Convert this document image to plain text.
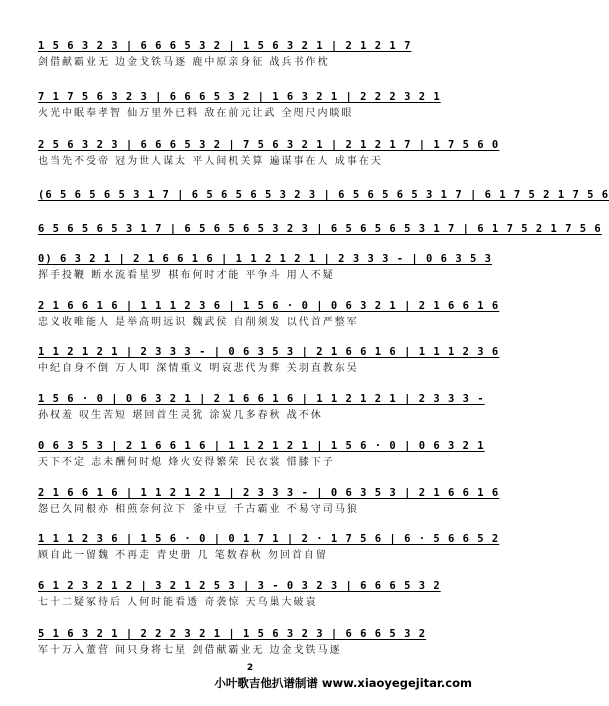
1 5 6 3 2 3 | 6 6 6 5 3 2 | 1 5 6 3 2 1 | 2 1 2 1 7
剑借献霸业无 边金戈铁马逐 鹿中原亲身征 战兵书作枕
7 1 7 5 6 3 2 3 | 6 6 6 5 3 2 | 1 6 3 2 1 | 2 2 2 3 2 1
火光中眠奉孝智 仙万里外已料 敌在前元让武 全咫尺内睒眼
2 5 6 3 2 3 | 6 6 6 5 3 2 | 7 5 6 3 2 1 | 2 1 2 1 7 | 1 7 5 6 0
也当先不受帝 冠为世人谋太 平人间机关算 遍谋事在人 成事在天
(6 5 6 5 6 5 3 1 7 | 6 5 6 5 6 5 3 2 3 | 6 5 6 5 6 5 3 1 7 | 6 1 7 5 2 1 7 5 6
6 5 6 5 6 5 3 1 7 | 6 5 6 5 6 5 3 2 3 | 6 5 6 5 6 5 3 1 7 | 6 1 7 5 2 1 7 5 6
0) 6 3 2 1 | 2 1 6 6 1 6 | 1 1 2 1 2 1 | 2 3 3 3 - | 0 6 3 5 3
挥手投鞭 断水流看星罗 棋布何时才能 平争斗 用人不疑
2 1 6 6 1 6 | 1 1 1 2 3 6 | 1 5 6 · 0 | 0 6 3 2 1 | 2 1 6 6 1 6
忠义收唯能人 是举高明远识 魏武侯 自削须发 以代首严整军
1 1 2 1 2 1 | 2 3 3 3 - | 0 6 3 5 3 | 2 1 6 6 1 6 | 1 1 1 2 3 6
中纪自身不倒 万人叩 深情重义 明哀悲代为葬 关羽直教东吴
1 5 6 · 0 | 0 6 3 2 1 | 2 1 6 6 1 6 | 1 1 2 1 2 1 | 2 3 3 3 -
孙权羞 叹生苦短 堪回首生灵犹 涂炭几多春秋 战不休
0 6 3 5 3 | 2 1 6 6 1 6 | 1 1 2 1 2 1 | 1 5 6 · 0 | 0 6 3 2 1
天下不定 志未酬何时熄 烽火安得繁荣 民衣裳 惜膝下子
2 1 6 6 1 6 | 1 1 2 1 2 1 | 2 3 3 3 - | 0 6 3 5 3 | 2 1 6 6 1 6
怨已久同根亦 相煎奈何泣下 釜中豆 千古霸业 不易守司马狼
1 1 1 2 3 6 | 1 5 6 · 0 | 0 1 7 1 | 2 · 1 7 5 6 | 6 · 5 6 6 5 2
顾自此一留魏 不再走 青史册 几 笔数春秋 勿回首自留
6 1 2 3 2 1 2 | 3 2 1 2 5 3 | 3 - 0 3 2 3 | 6 6 6 5 3 2
七十二疑冢待后 人何时能看透 奇袭惊 天乌巢大破袁
5 1 6 3 2 1 | 2 2 2 3 2 1 | 1 5 6 3 2 3 | 6 6 6 5 3 2
军十万入董营 间只身将七星 剑借献霸业无 边金戈铁马逐
2
小叶歌吉他扒谱制谱 www.xiaoyegejitar.com
